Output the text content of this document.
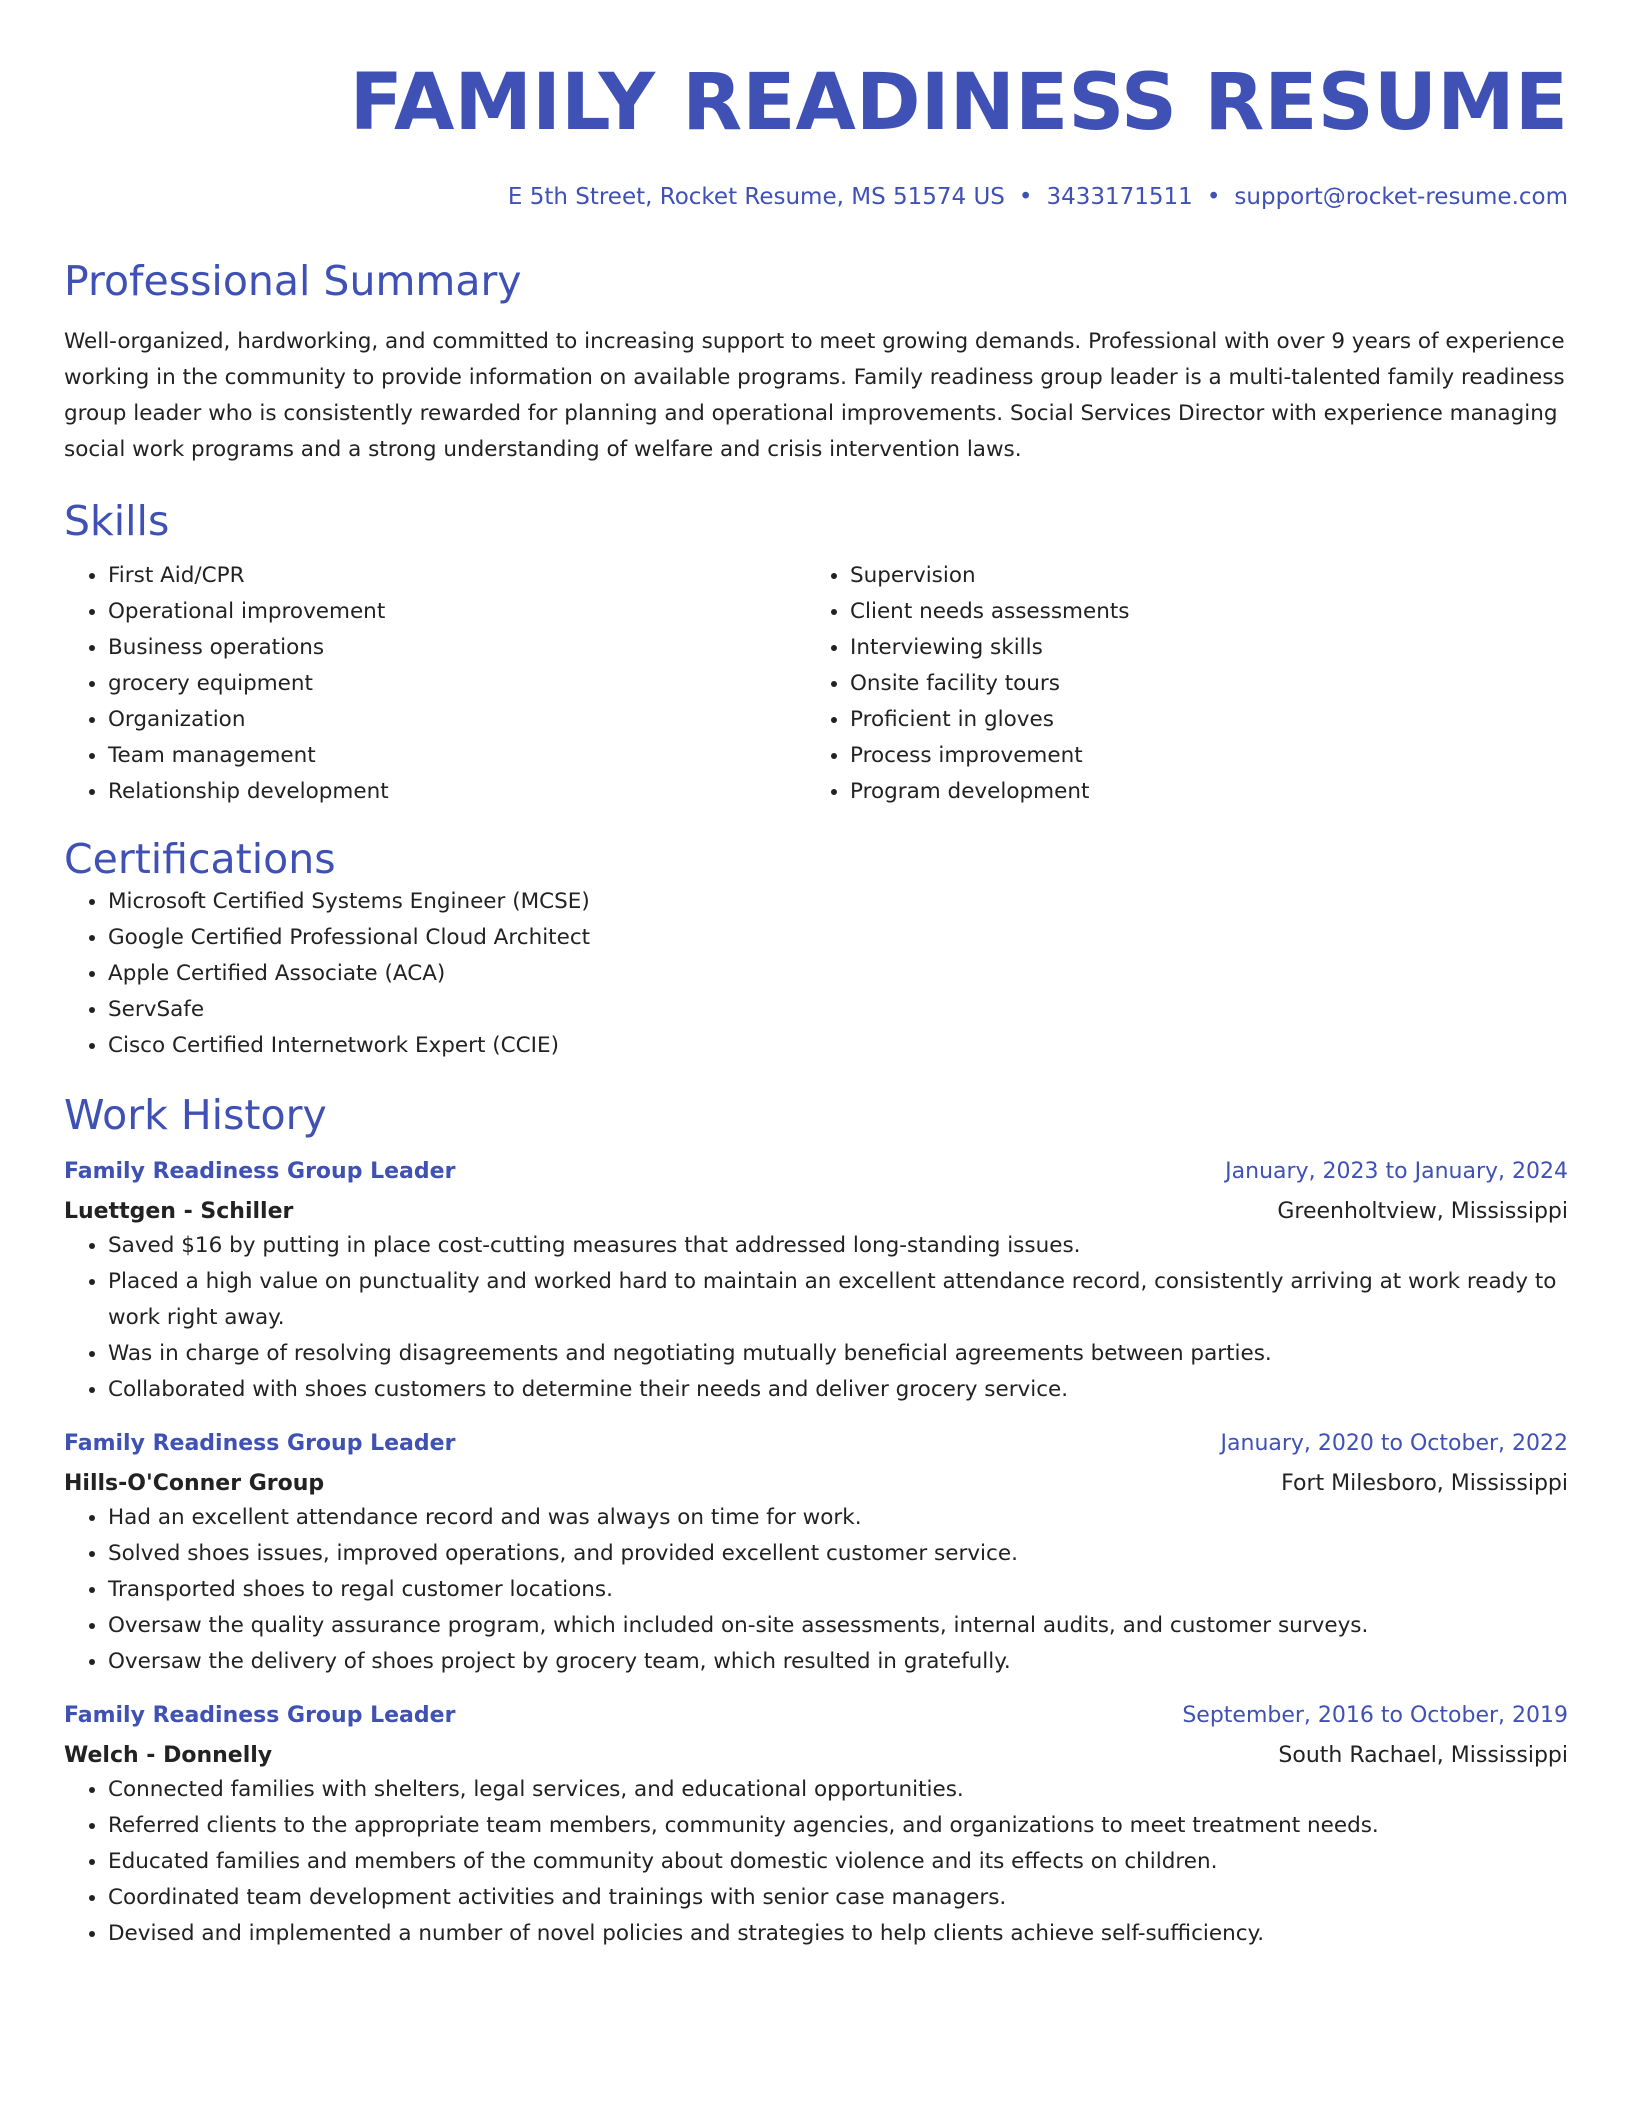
FAMILY READINESS RESUME
E 5th Street, Rocket Resume, MS 51574 US • 3433171511 • support@rocket-resume.com
Professional Summary
Well-organized, hardworking, and committed to increasing support to meet growing demands. Professional with over 9 years of experience working in the community to provide information on available programs. Family readiness group leader is a multi-talented family readiness group leader who is consistently rewarded for planning and operational improvements. Social Services Director with experience managing social work programs and a strong understanding of welfare and crisis intervention laws.
Skills
• First Aid/CPR
• Operational improvement
• Business operations
• grocery equipment
• Organization
• Team management
• Relationship development
• Supervision
• Client needs assessments
• Interviewing skills
• Onsite facility tours
• Proficient in gloves
• Process improvement
• Program development
Certifications
• Microsoft Certified Systems Engineer (MCSE)
• Google Certified Professional Cloud Architect
• Apple Certified Associate (ACA)
• ServSafe
• Cisco Certified Internetwork Expert (CCIE)
Work History
Family Readiness Group Leader	January, 2023 to January, 2024
Luettgen - Schiller	Greenholtview, Mississippi
• Saved $16 by putting in place cost-cutting measures that addressed long-standing issues.
• Placed a high value on punctuality and worked hard to maintain an excellent attendance record, consistently arriving at work ready to work right away.
• Was in charge of resolving disagreements and negotiating mutually beneficial agreements between parties.
• Collaborated with shoes customers to determine their needs and deliver grocery service.
Family Readiness Group Leader	January, 2020 to October, 2022
Hills-O'Conner Group	Fort Milesboro, Mississippi
• Had an excellent attendance record and was always on time for work.
• Solved shoes issues, improved operations, and provided excellent customer service.
• Transported shoes to regal customer locations.
• Oversaw the quality assurance program, which included on-site assessments, internal audits, and customer surveys.
• Oversaw the delivery of shoes project by grocery team, which resulted in gratefully.
Family Readiness Group Leader	September, 2016 to October, 2019
Welch - Donnelly	South Rachael, Mississippi
• Connected families with shelters, legal services, and educational opportunities.
• Referred clients to the appropriate team members, community agencies, and organizations to meet treatment needs.
• Educated families and members of the community about domestic violence and its effects on children.
• Coordinated team development activities and trainings with senior case managers.
• Devised and implemented a number of novel policies and strategies to help clients achieve self-sufficiency.
